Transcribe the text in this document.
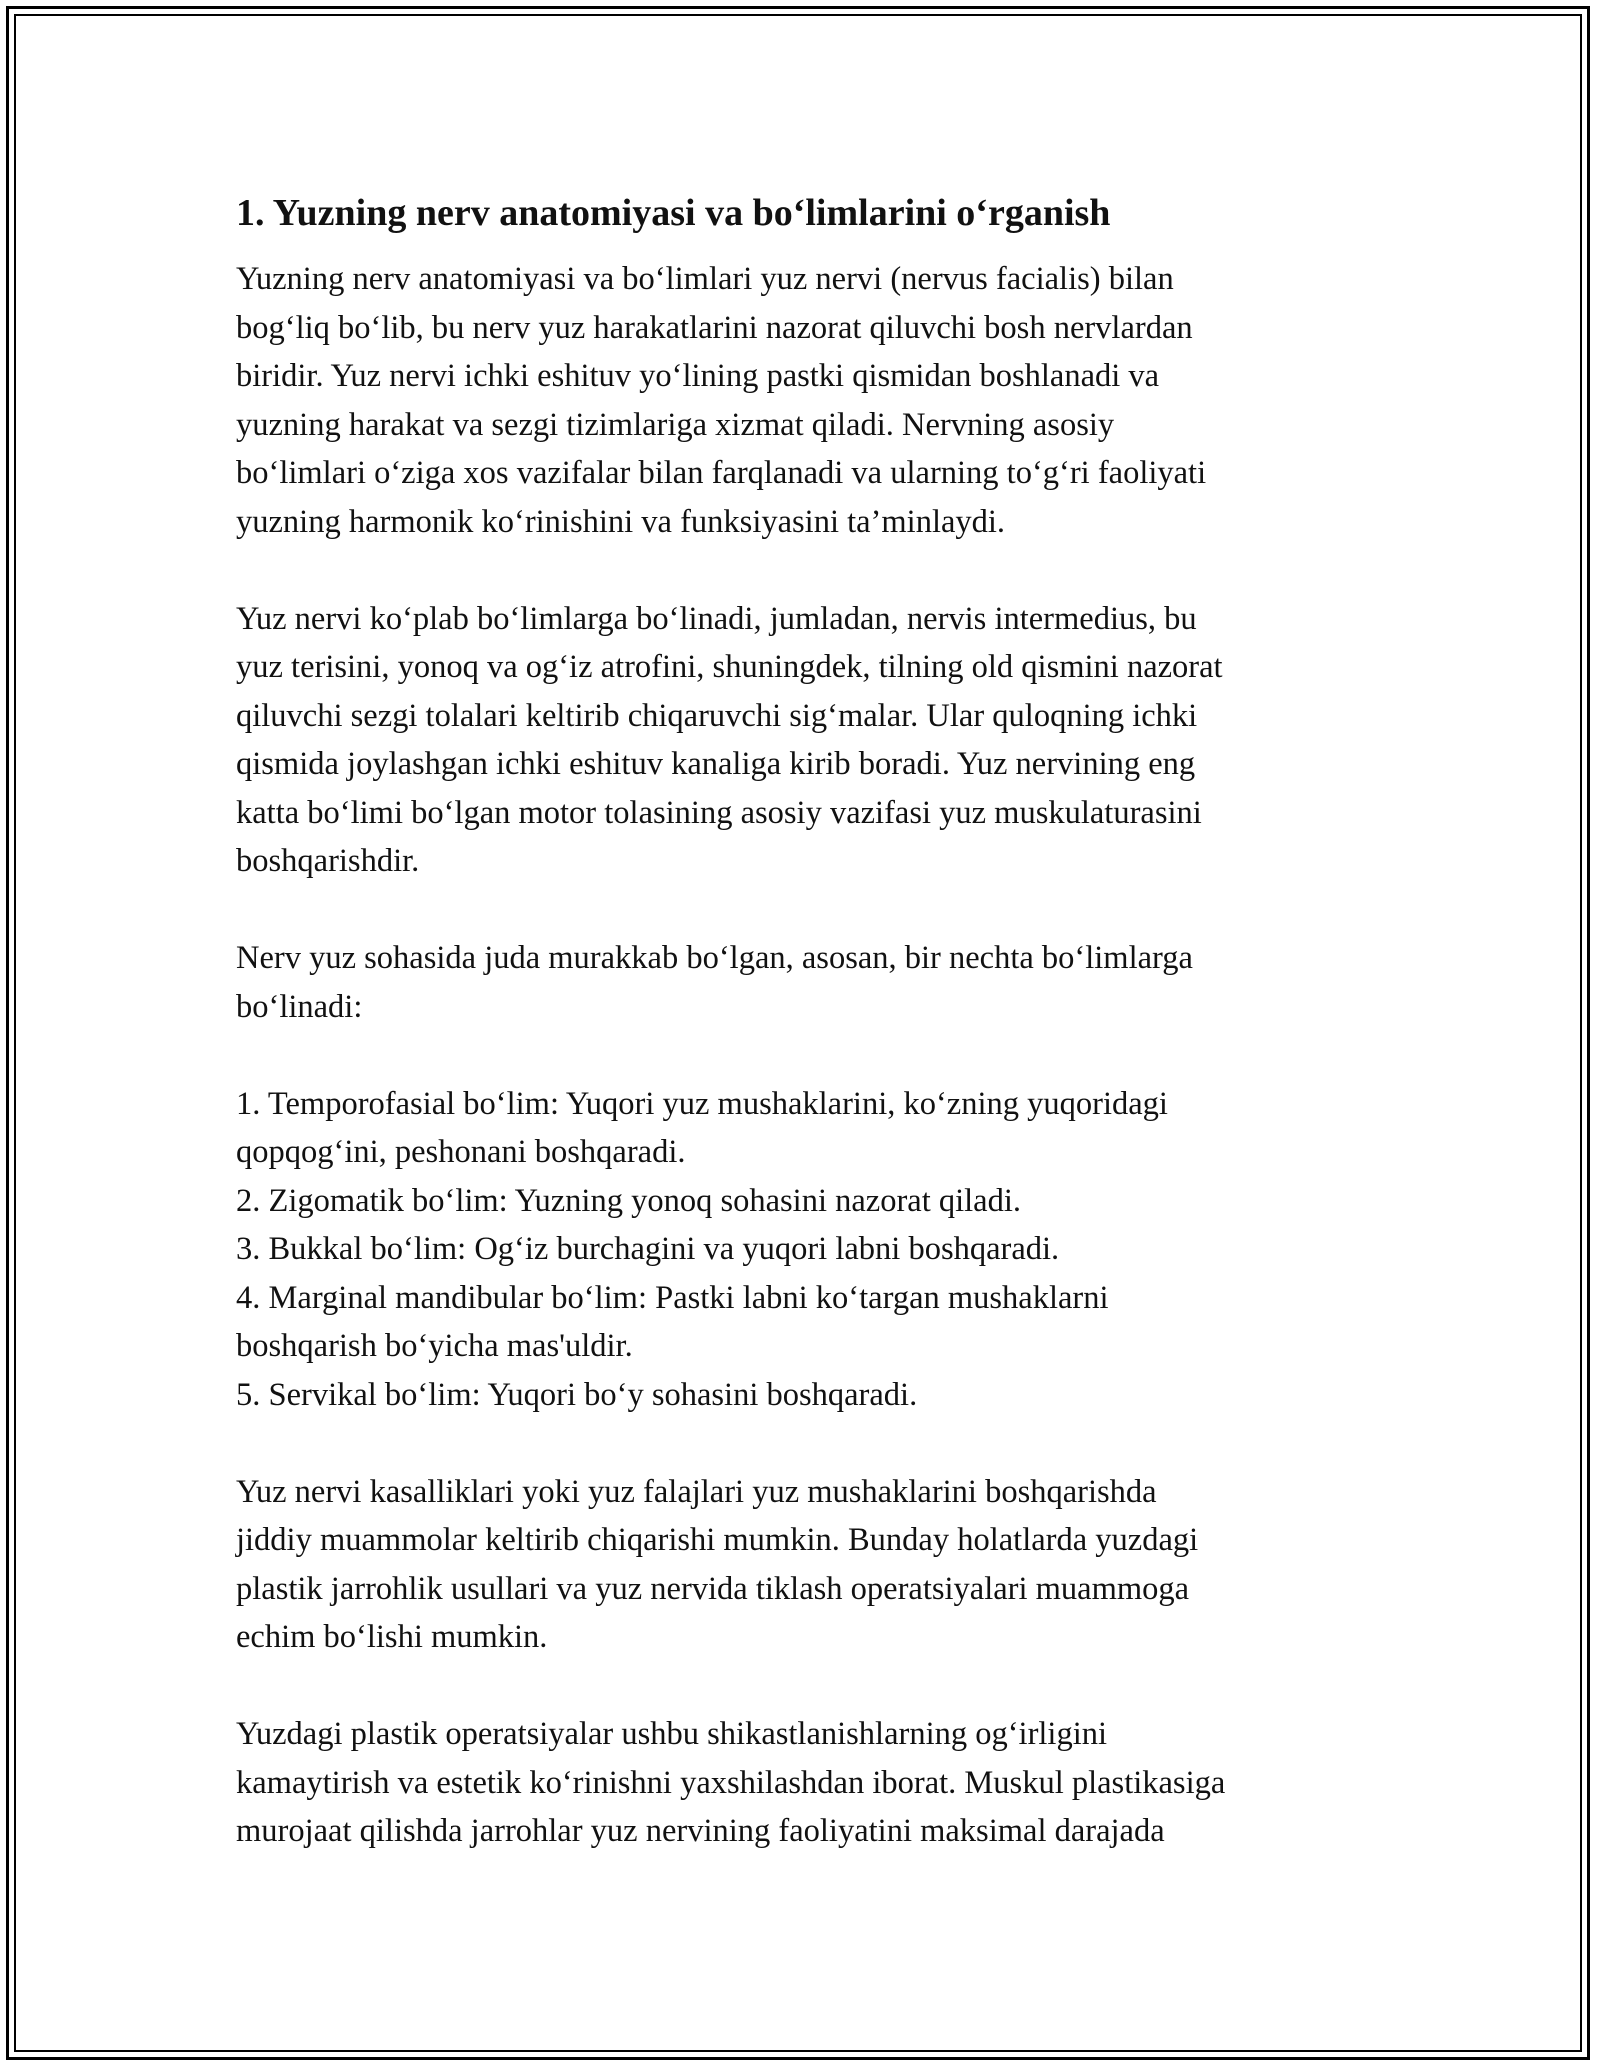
1. Yuzning nerv anatomiyasi va bo‘limlarini o‘rganish

Yuzning nerv anatomiyasi va bo‘limlari yuz nervi (nervus facialis) bilan
bog‘liq bo‘lib, bu nerv yuz harakatlarini nazorat qiluvchi bosh nervlardan
biridir. Yuz nervi ichki eshituv yo‘lining pastki qismidan boshlanadi va
yuzning harakat va sezgi tizimlariga xizmat qiladi. Nervning asosiy
bo‘limlari o‘ziga xos vazifalar bilan farqlanadi va ularning to‘g‘ri faoliyati
yuzning harmonik ko‘rinishini va funksiyasini ta’minlaydi.

Yuz nervi ko‘plab bo‘limlarga bo‘linadi, jumladan, nervis intermedius, bu
yuz terisini, yonoq va og‘iz atrofini, shuningdek, tilning old qismini nazorat
qiluvchi sezgi tolalari keltirib chiqaruvchi sig‘malar. Ular quloqning ichki
qismida joylashgan ichki eshituv kanaliga kirib boradi. Yuz nervining eng
katta bo‘limi bo‘lgan motor tolasining asosiy vazifasi yuz muskulaturasini
boshqarishdir.

Nerv yuz sohasida juda murakkab bo‘lgan, asosan, bir nechta bo‘limlarga
bo‘linadi:

1. Temporofasial bo‘lim: Yuqori yuz mushaklarini, ko‘zning yuqoridagi
qopqog‘ini, peshonani boshqaradi.
2. Zigomatik bo‘lim: Yuzning yonoq sohasini nazorat qiladi.
3. Bukkal bo‘lim: Og‘iz burchagini va yuqori labni boshqaradi.
4. Marginal mandibular bo‘lim: Pastki labni ko‘targan mushaklarni
boshqarish bo‘yicha mas'uldir.
5. Servikal bo‘lim: Yuqori bo‘y sohasini boshqaradi.

Yuz nervi kasalliklari yoki yuz falajlari yuz mushaklarini boshqarishda
jiddiy muammolar keltirib chiqarishi mumkin. Bunday holatlarda yuzdagi
plastik jarrohlik usullari va yuz nervida tiklash operatsiyalari muammoga
echim bo‘lishi mumkin.

Yuzdagi plastik operatsiyalar ushbu shikastlanishlarning og‘irligini
kamaytirish va estetik ko‘rinishni yaxshilashdan iborat. Muskul plastikasiga
murojaat qilishda jarrohlar yuz nervining faoliyatini maksimal darajada
